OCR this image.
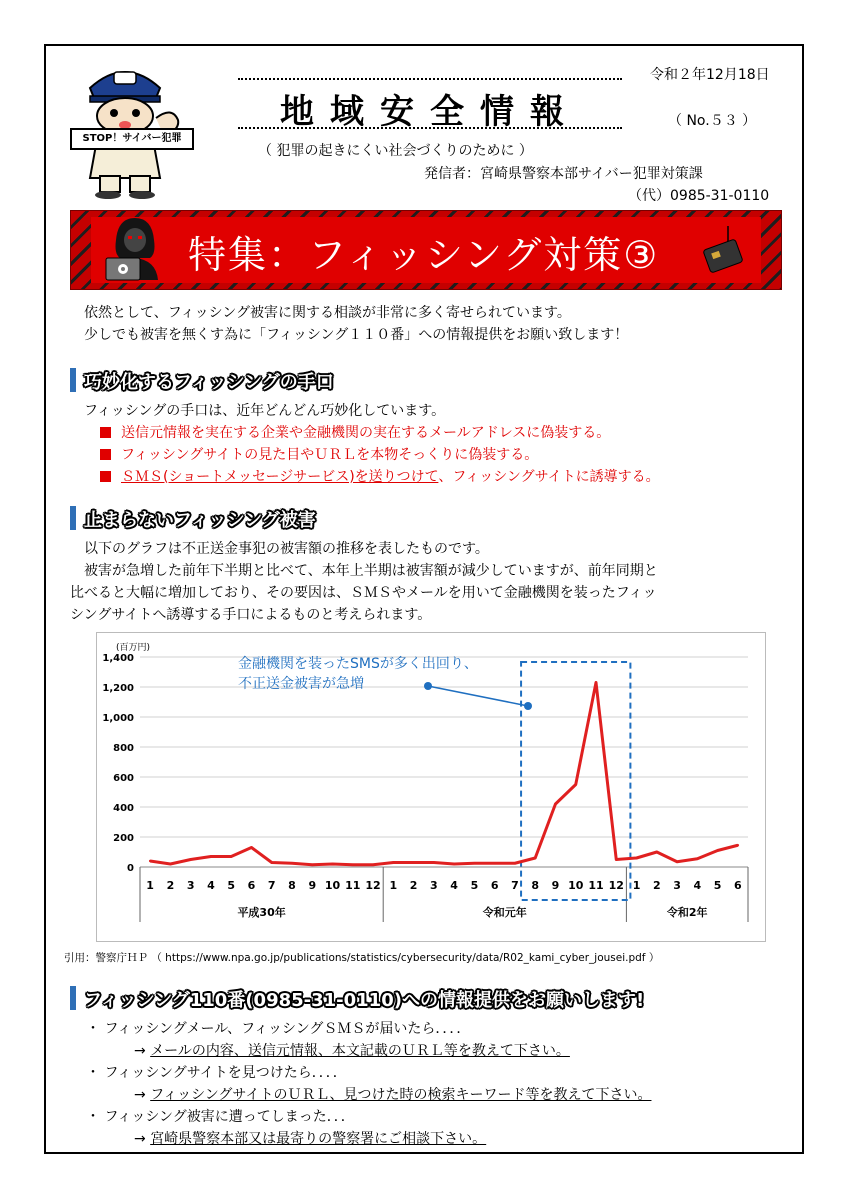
STOP！サイバー犯罪
地域安全情報
令和２年12月18日
（ No.５３ ）
（ 犯罪の起きにくい社会づくりのために ）
発信者：宮崎県警察本部サイバー犯罪対策課
（代）0985-31-0110
特集：フィッシング対策③
依然として、フィッシング被害に関する相談が非常に多く寄せられています。
少しでも被害を無くす為に「フィッシング１１０番」への情報提供をお願い致します！
巧妙化するフィッシングの手口
フィッシングの手口は、近年どんどん巧妙化しています。
送信元情報を実在する企業や金融機関の実在するメールアドレスに偽装する。
フィッシングサイトの見た目やＵＲＬを本物そっくりに偽装する。
ＳＭＳ(ショートメッセージサービス)を送りつけて、フィッシングサイトに誘導する。
止まらないフィッシング被害
以下のグラフは不正送金事犯の被害額の推移を表したものです。
被害が急増した前年下半期と比べて、本年上半期は被害額が減少していますが、前年同期と
比べると大幅に増加しており、その要因は、ＳＭＳやメールを用いて金融機関を装ったフィッ
シングサイトへ誘導する手口によるものと考えられます。
(百万円)
0
200
400
600
800
1,000
1,200
1,400
1 2 3 4 5 6 7 8 9 10 11 12 1 2 3 4 5 6 7 8 9 10 11 12 1 2 3 4 5 6
平成30年	令和元年	令和2年
金融機関を装ったSMSが多く出回り、
不正送金被害が急増
引用：警察庁ＨＰ （ https://www.npa.go.jp/publications/statistics/cybersecurity/data/R02_kami_cyber_jousei.pdf ）
フィッシング110番(0985-31-0110)への情報提供をお願いします!
・ フィッシングメール、フィッシングＳＭＳが届いたら．．．．
→ メールの内容、送信元情報、本文記載のＵＲＬ等を教えて下さい。
・ フィッシングサイトを見つけたら．．．．
→ フィッシングサイトのＵＲＬ、見つけた時の検索キーワード等を教えて下さい。
・ フィッシング被害に遭ってしまった．．．
→ 宮崎県警察本部又は最寄りの警察署にご相談下さい。
